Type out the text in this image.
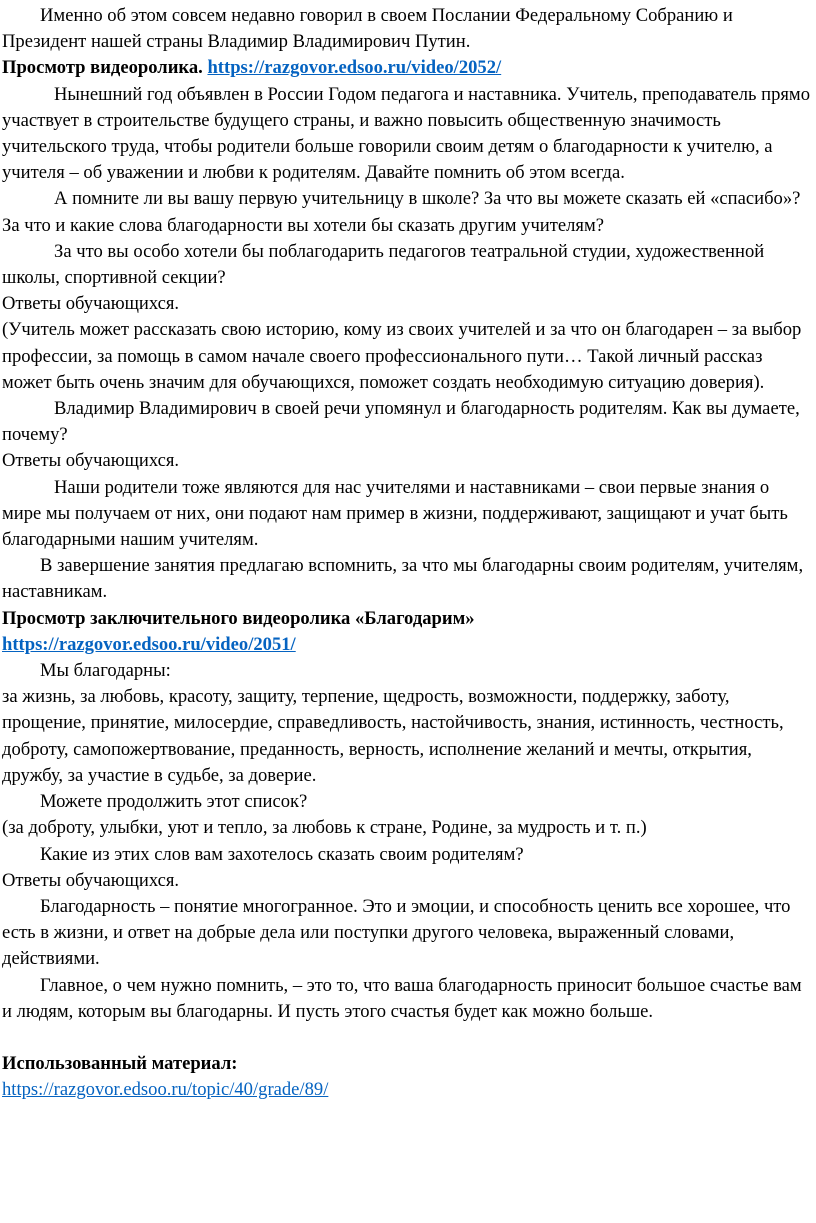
Именно об этом совсем недавно говорил в своем Послании Федеральному Собранию и Президент нашей страны Владимир Владимирович Путин.

Просмотр видеоролика. https://razgovor.edsoo.ru/video/2052/

Нынешний год объявлен в России Годом педагога и наставника. Учитель, преподаватель прямо участвует в строительстве будущего страны, и важно повысить общественную значимость учительского труда, чтобы родители больше говорили своим детям о благодарности к учителю, а учителя – об уважении и любви к родителям. Давайте помнить об этом всегда.

А помните ли вы вашу первую учительницу в школе? За что вы можете сказать ей «спасибо»? За что и какие слова благодарности вы хотели бы сказать другим учителям?

За что вы особо хотели бы поблагодарить педагогов театральной студии, художественной школы, спортивной секции?

Ответы обучающихся.

(Учитель может рассказать свою историю, кому из своих учителей и за что он благодарен – за выбор профессии, за помощь в самом начале своего профессионального пути… Такой личный рассказ может быть очень значим для обучающихся, поможет создать необходимую ситуацию доверия).

Владимир Владимирович в своей речи упомянул и благодарность родителям. Как вы думаете, почему?

Ответы обучающихся.

Наши родители тоже являются для нас учителями и наставниками – свои первые знания о мире мы получаем от них, они подают нам пример в жизни, поддерживают, защищают и учат быть благодарными нашим учителям.

В завершение занятия предлагаю вспомнить, за что мы благодарны своим родителям, учителям, наставникам.

Просмотр заключительного видеоролика «Благодарим»

https://razgovor.edsoo.ru/video/2051/

Мы благодарны:

за жизнь, за любовь, красоту, защиту, терпение, щедрость, возможности, поддержку, заботу, прощение, принятие, милосердие, справедливость, настойчивость, знания, истинность, честность, доброту, самопожертвование, преданность, верность, исполнение желаний и мечты, открытия, дружбу, за участие в судьбе, за доверие.

Можете продолжить этот список?

(за доброту, улыбки, уют и тепло, за любовь к стране, Родине, за мудрость и т. п.)

Какие из этих слов вам захотелось сказать своим родителям?

Ответы обучающихся.

Благодарность – понятие многогранное. Это и эмоции, и способность ценить все хорошее, что есть в жизни, и ответ на добрые дела или поступки другого человека, выраженный словами, действиями.

Главное, о чем нужно помнить, – это то, что ваша благодарность приносит большое счастье вам и людям, которым вы благодарны. И пусть этого счастья будет как можно больше.

Использованный материал:

https://razgovor.edsoo.ru/topic/40/grade/89/
